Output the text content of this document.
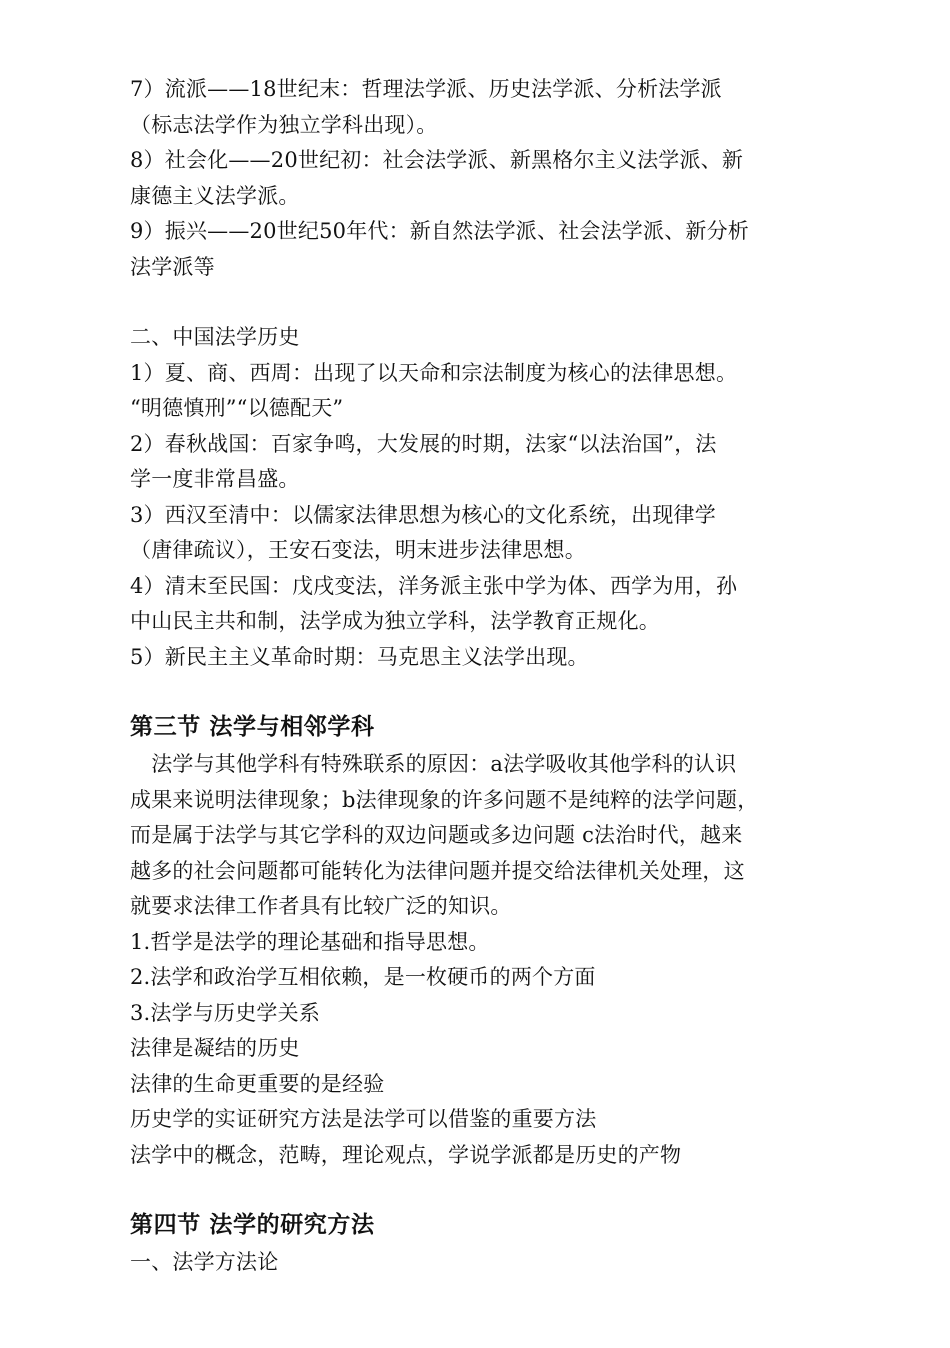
7）流派——18世纪末：哲理法学派、历史法学派、分析法学派
（标志法学作为独立学科出现）。
8）社会化——20世纪初：社会法学派、新黑格尔主义法学派、新
康德主义法学派。
9）振兴——20世纪50年代：新自然法学派、社会法学派、新分析
法学派等
二、中国法学历史
1）夏、商、西周：出现了以天命和宗法制度为核心的法律思想。
“明德慎刑”“以德配天”
2）春秋战国：百家争鸣，大发展的时期，法家“以法治国”，法
学一度非常昌盛。
3）西汉至清中：以儒家法律思想为核心的文化系统，出现律学
（唐律疏议），王安石变法，明末进步法律思想。
4）清末至民国：戊戌变法，洋务派主张中学为体、西学为用，孙
中山民主共和制，法学成为独立学科，法学教育正规化。
5）新民主主义革命时期：马克思主义法学出现。
第三节 法学与相邻学科
　法学与其他学科有特殊联系的原因：a法学吸收其他学科的认识
成果来说明法律现象；b法律现象的许多问题不是纯粹的法学问题，
而是属于法学与其它学科的双边问题或多边问题 c法治时代，越来
越多的社会问题都可能转化为法律问题并提交给法律机关处理，这
就要求法律工作者具有比较广泛的知识。
1.哲学是法学的理论基础和指导思想。
2.法学和政治学互相依赖，是一枚硬币的两个方面
3.法学与历史学关系
法律是凝结的历史
法律的生命更重要的是经验
历史学的实证研究方法是法学可以借鉴的重要方法
法学中的概念，范畴，理论观点，学说学派都是历史的产物
第四节 法学的研究方法
一、法学方法论
